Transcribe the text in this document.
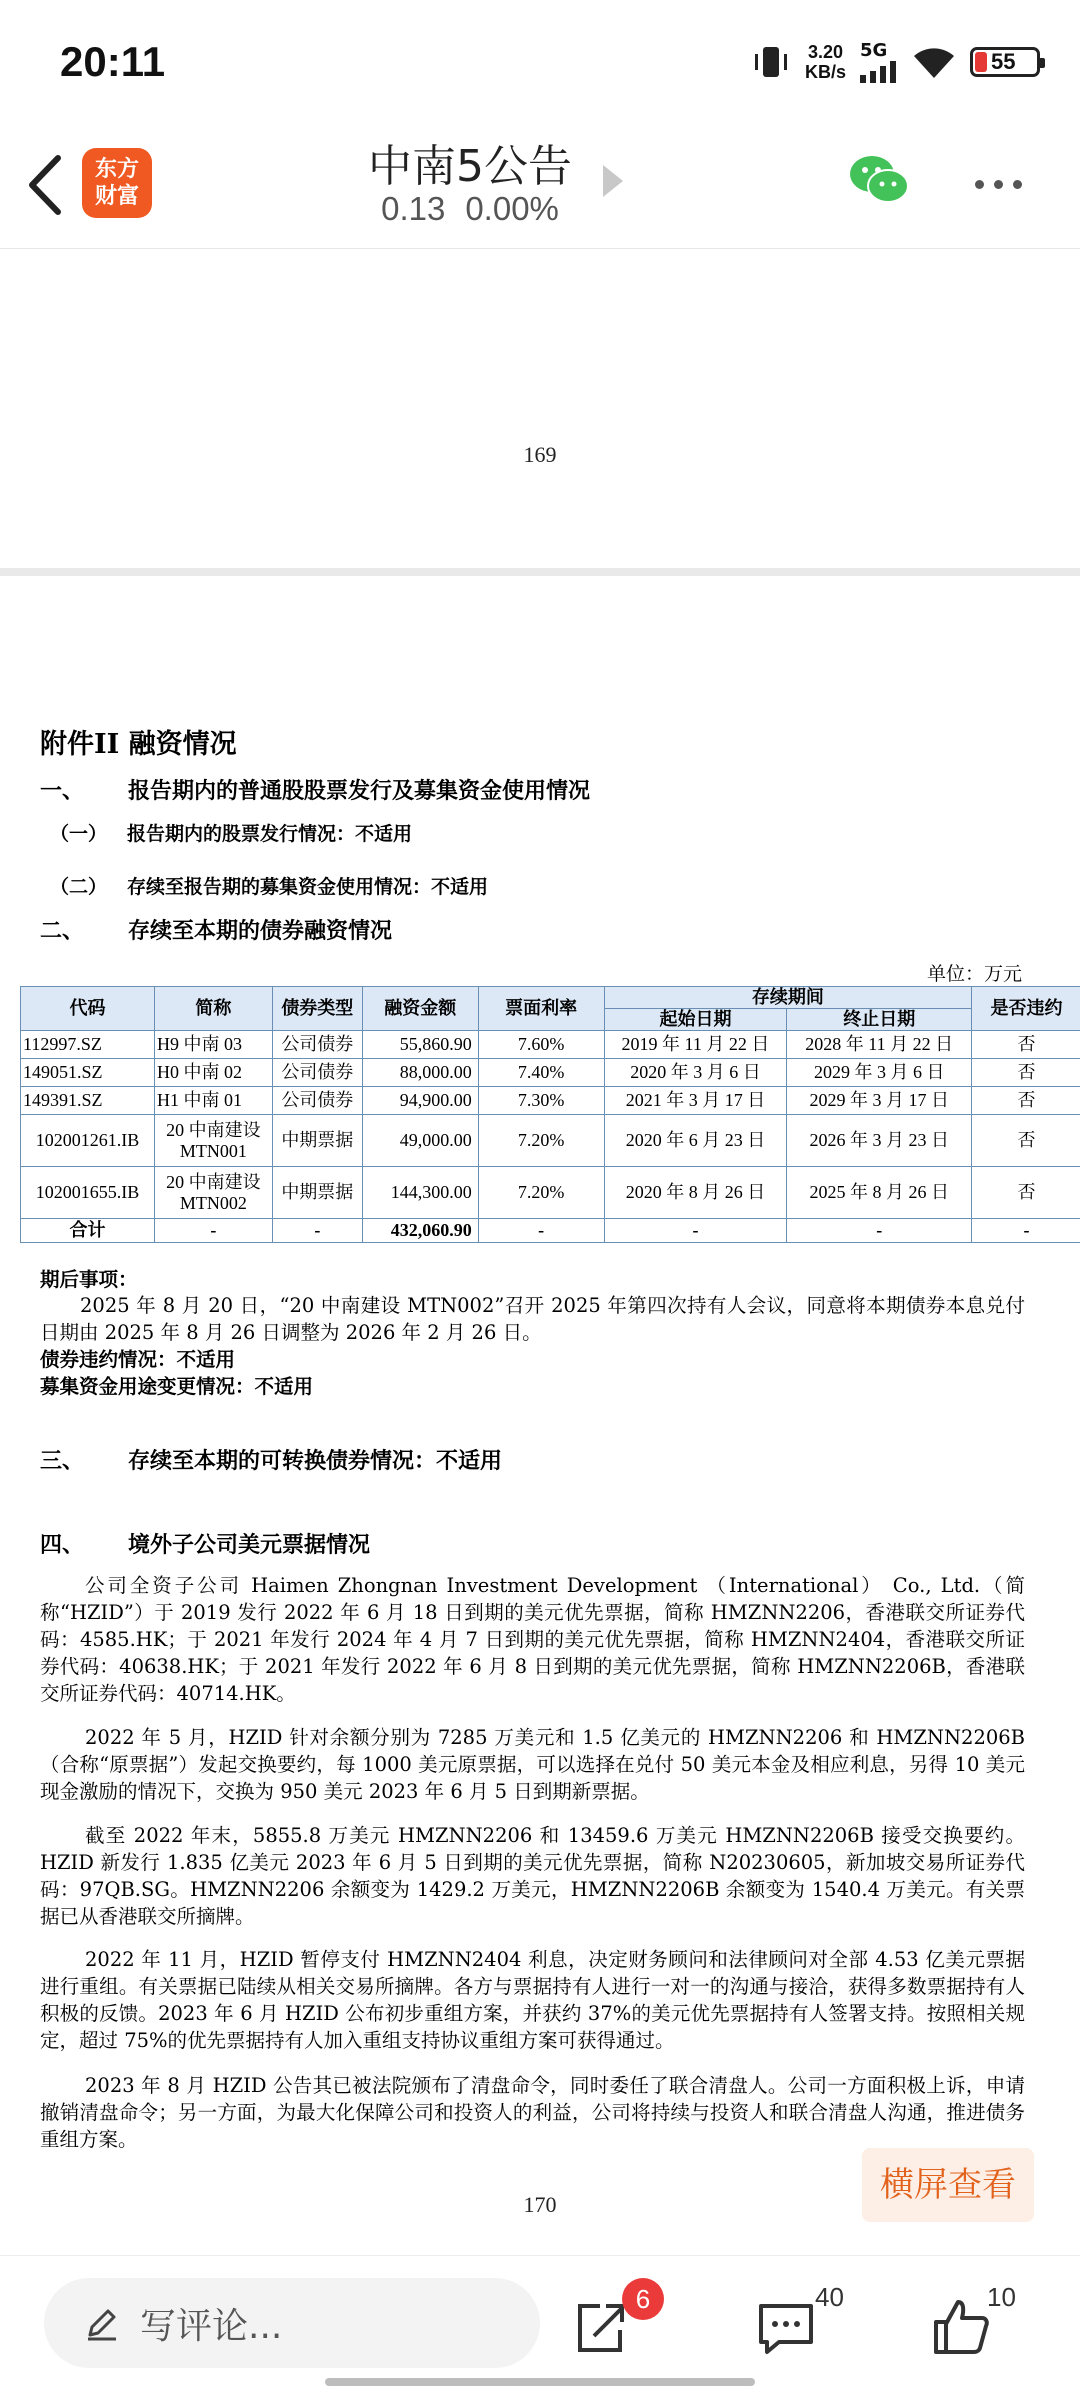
20:11	3.20
KB/s
5G	55
东方
财富
中南5公告
0.13 0.00%
169
附件II 融资情况
一、 报告期内的普通股股票发行及募集资金使用情况
（一） 报告期内的股票发行情况：不适用
（二） 存续至报告期的募集资金使用情况：不适用
二、 存续至本期的债券融资情况
单位：万元
代码	简称	债券类型	融资金额	票面利率	存续期间		是否违约
					起始日期	终止日期	
112997.SZ	H9 中南 03	公司债券	55,860.90	7.60%	2019 年 11 月 22 日	2028 年 11 月 22 日	否
149051.SZ	H0 中南 02	公司债券	88,000.00	7.40%	2020 年 3 月 6 日	2029 年 3 月 6 日	否
149391.SZ	H1 中南 01	公司债券	94,900.00	7.30%	2021 年 3 月 17 日	2029 年 3 月 17 日	否
102001261.IB	20 中南建设
MTN001	中期票据	49,000.00	7.20%	2020 年 6 月 23 日	2026 年 3 月 23 日	否
102001655.IB	20 中南建设
MTN002	中期票据	144,300.00	7.20%	2020 年 8 月 26 日	2025 年 8 月 26 日	否
合计	-	-	432,060.90	-	-	-	-
期后事项：
2025 年 8 月 20 日，“20 中南建设 MTN002”召开 2025 年第四次持有人会议，同意将本期债券本息兑付日期由 2025 年 8 月 26 日调整为 2026 年 2 月 26 日。
债券违约情况：不适用
募集资金用途变更情况：不适用
三、 存续至本期的可转换债券情况：不适用
四、 境外子公司美元票据情况
公司全资子公司 Haimen Zhongnan Investment Development （International） Co., Ltd.（简称“HZID”）于 2019 发行 2022 年 6 月 18 日到期的美元优先票据，简称 HMZNN2206，香港联交所证券代码：4585.HK；于 2021 年发行 2024 年 4 月 7 日到期的美元优先票据，简称 HMZNN2404，香港联交所证券代码：40638.HK；于 2021 年发行 2022 年 6 月 8 日到期的美元优先票据，简称 HMZNN2206B，香港联交所证券代码：40714.HK。
2022 年 5 月，HZID 针对余额分别为 7285 万美元和 1.5 亿美元的 HMZNN2206 和 HMZNN2206B（合称“原票据”）发起交换要约，每 1000 美元原票据，可以选择在兑付 50 美元本金及相应利息，另得 10 美元现金激励的情况下，交换为 950 美元 2023 年 6 月 5 日到期新票据。
截至 2022 年末，5855.8 万美元 HMZNN2206 和 13459.6 万美元 HMZNN2206B 接受交换要约。HZID 新发行 1.835 亿美元 2023 年 6 月 5 日到期的美元优先票据，简称 N20230605，新加坡交易所证券代码：97QB.SG。HMZNN2206 余额变为 1429.2 万美元，HMZNN2206B 余额变为 1540.4 万美元。有关票据已从香港联交所摘牌。
2022 年 11 月，HZID 暂停支付 HMZNN2404 利息，决定财务顾问和法律顾问对全部 4.53 亿美元票据进行重组。有关票据已陆续从相关交易所摘牌。各方与票据持有人进行一对一的沟通与接洽，获得多数票据持有人积极的反馈。2023 年 6 月 HZID 公布初步重组方案，并获约 37%的美元优先票据持有人签署支持。按照相关规定，超过 75%的优先票据持有人加入重组支持协议重组方案可获得通过。
2023 年 8 月 HZID 公告其已被法院颁布了清盘命令，同时委任了联合清盘人。公司一方面积极上诉，申请撤销清盘命令；另一方面，为最大化保障公司和投资人的利益，公司将持续与投资人和联合清盘人沟通，推进债务重组方案。
170	横屏查看
写评论...
6	40	10
